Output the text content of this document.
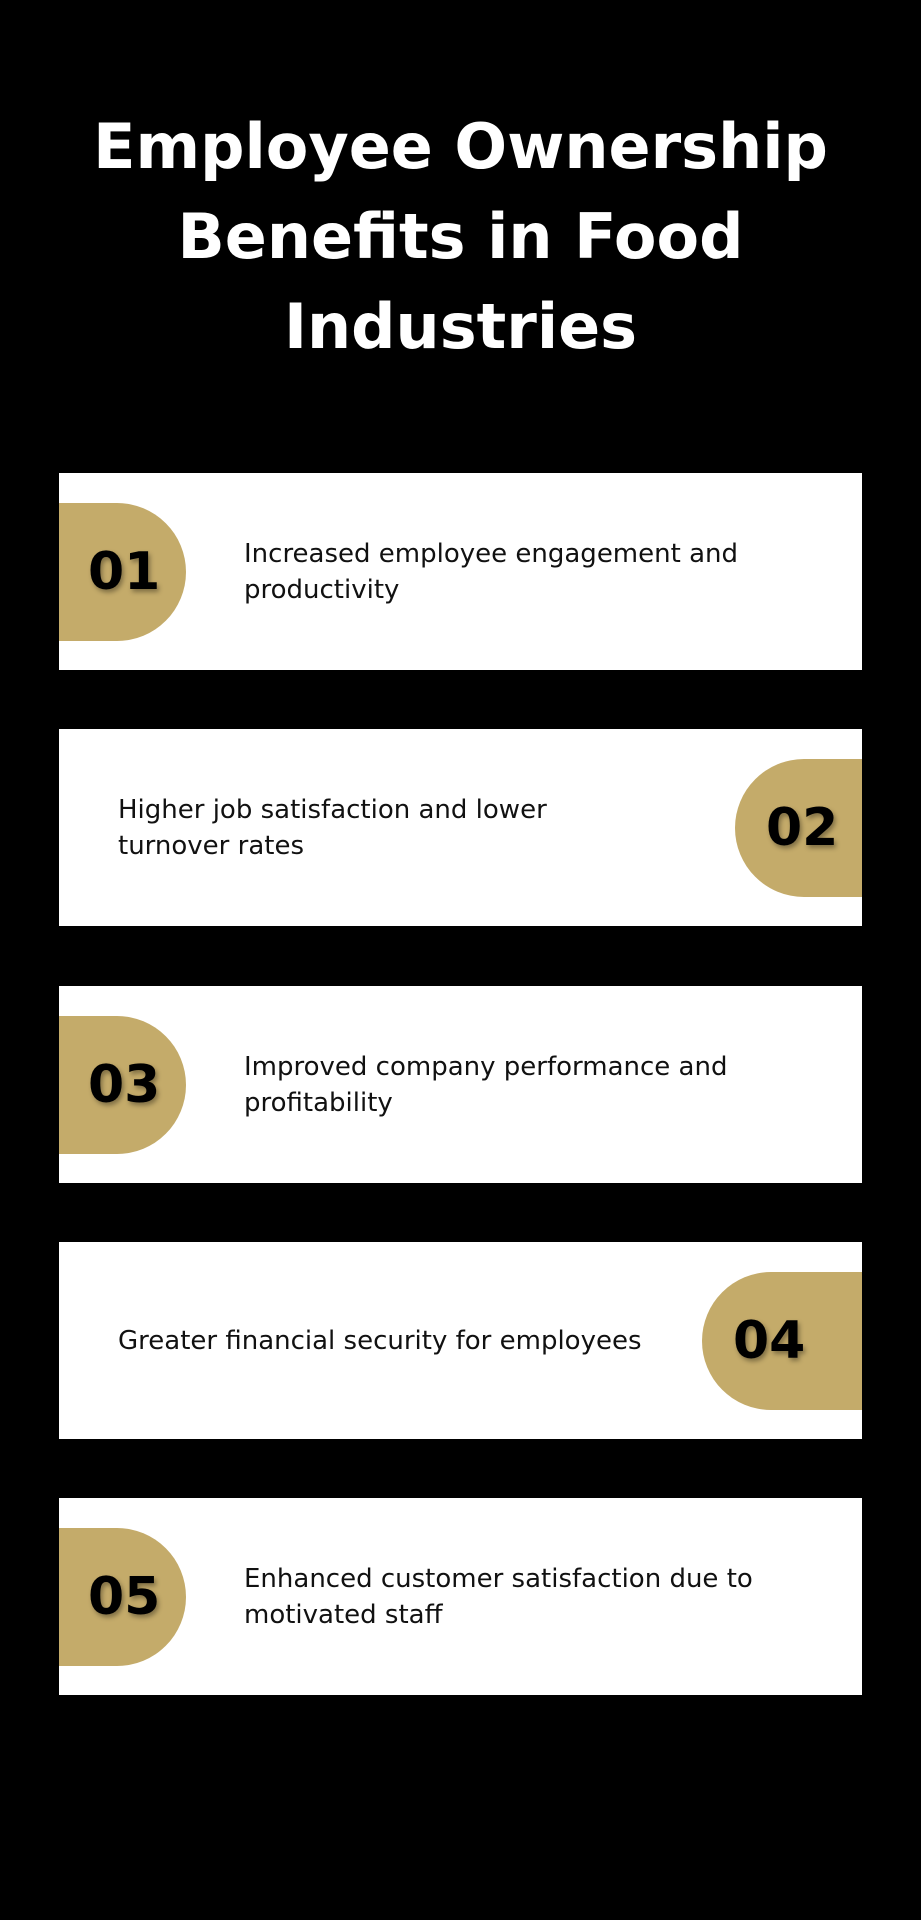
Employee Ownership Benefits in Food Industries
01	Increased employee engagement and productivity
Higher job satisfaction and lower turnover rates	02
03	Improved company performance and profitability
Greater financial security for employees 04
05	Enhanced customer satisfaction due to motivated staff
